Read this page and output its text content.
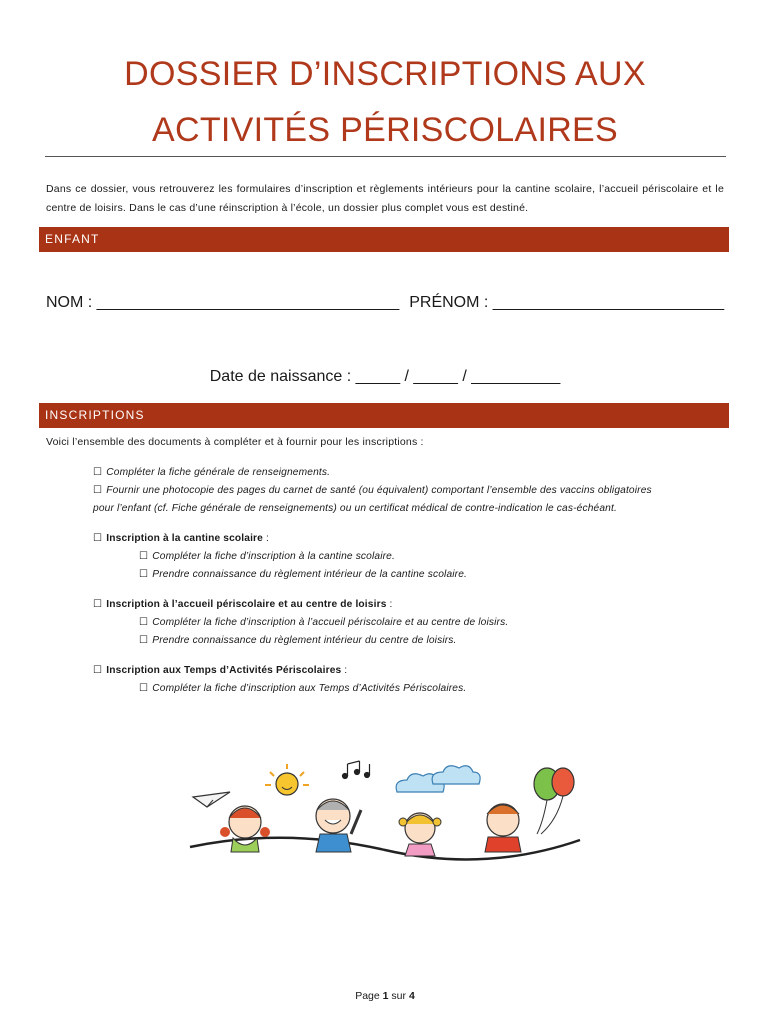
DOSSIER D’INSCRIPTIONS AUX
ACTIVITÉS PÉRISCOLAIRES
Dans ce dossier, vous retrouverez les formulaires d’inscription et règlements intérieurs pour la cantine scolaire, l’accueil périscolaire et le centre de loisirs. Dans le cas d’une réinscription à l’école, un dossier plus complet vous est destiné.
ENFANT
NOM : __________________________________ PRÉNOM : __________________________
Date de naissance : _____ / _____ / __________
INSCRIPTIONS
Voici l’ensemble des documents à compléter et à fournir pour les inscriptions :
☐ Compléter la fiche générale de renseignements.
☐ Fournir une photocopie des pages du carnet de santé (ou équivalent) comportant l’ensemble des vaccins obligatoires
pour l’enfant (cf. Fiche générale de renseignements) ou un certificat médical de contre-indication le cas-échéant.
☐ Inscription à la cantine scolaire :
☐ Compléter la fiche d’inscription à la cantine scolaire.
☐ Prendre connaissance du règlement intérieur de la cantine scolaire.
☐ Inscription à l’accueil périscolaire et au centre de loisirs :
☐ Compléter la fiche d’inscription à l’accueil périscolaire et au centre de loisirs.
☐ Prendre connaissance du règlement intérieur du centre de loisirs.
☐ Inscription aux Temps d’Activités Périscolaires :
☐ Compléter la fiche d’inscription aux Temps d’Activités Périscolaires.
Page 1 sur 4
